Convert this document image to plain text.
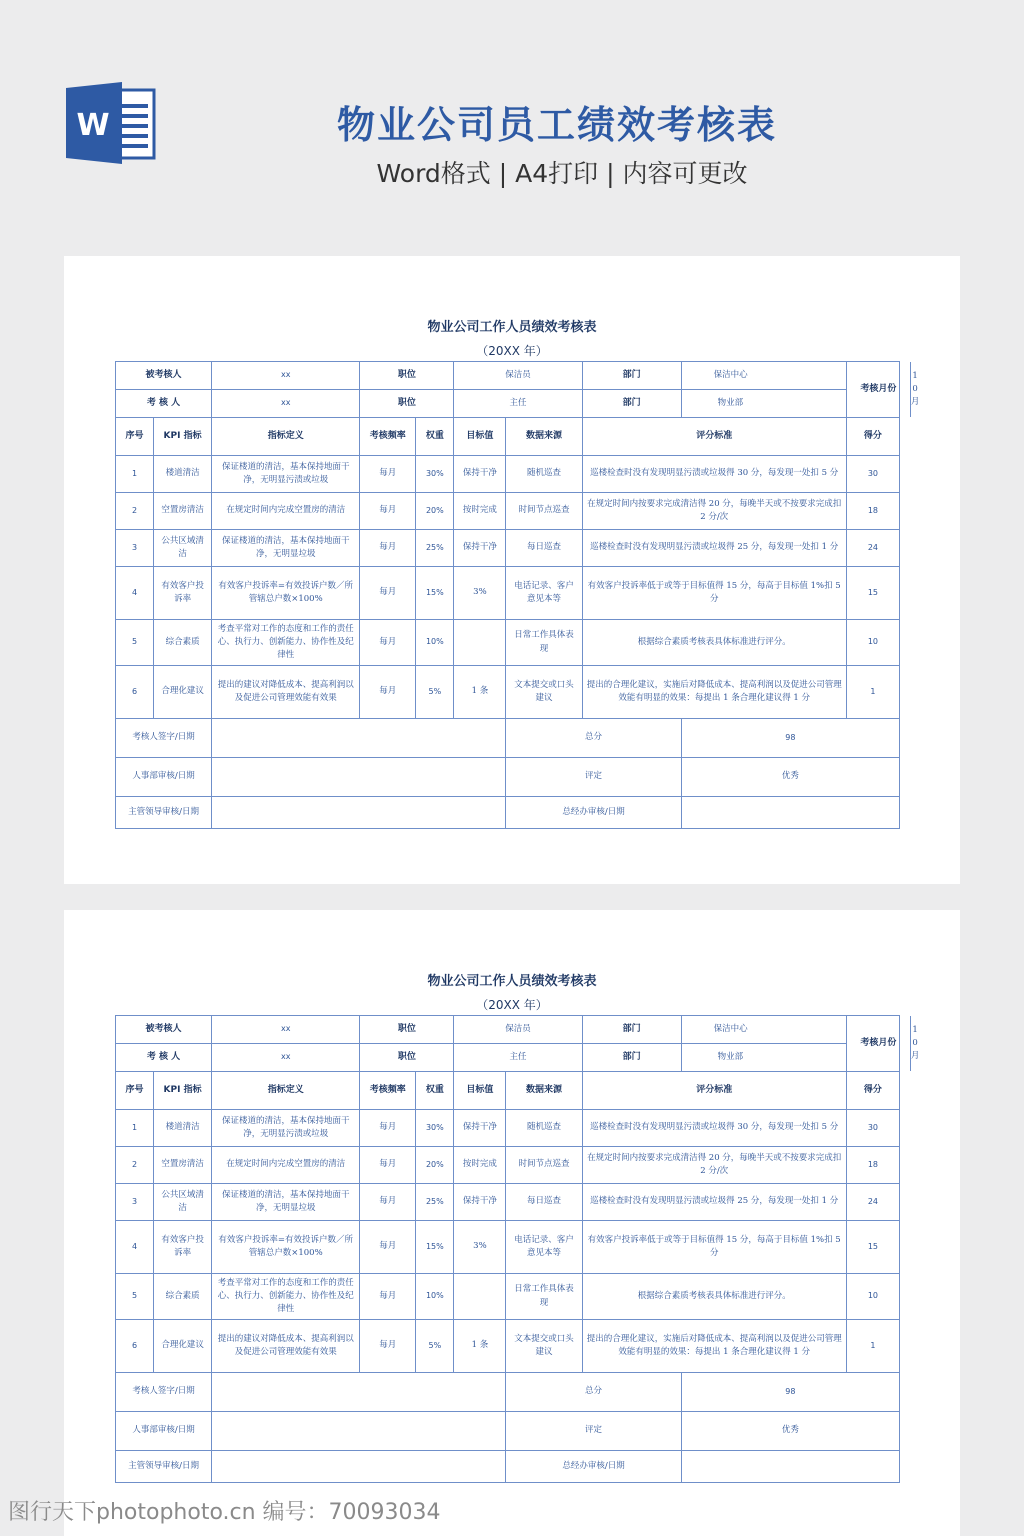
W	物业公司员工绩效考核表
Word格式 | A4打印 | 内容可更改
物业公司工作人员绩效考核表
（20XX 年）
被考核人		xx	职位		保洁员		部门	保洁中心	考核月份
10 月

考 核 人		xx	职位		主任		部门	物业部	
序号	KPI 指标	指标定义	考核频率	权重	目标值	数据来源	评分标准		得分
1	楼道清洁	保证楼道的清洁，基本保持地面干净，无明显污渍或垃圾	每月	30%	保持干净	随机巡查	巡楼检查时没有发现明显污渍或垃圾得 30 分，每发现一处扣 5 分		30
2	空置房清洁	在规定时间内完成空置房的清洁	每月	20%	按时完成	时间节点巡查	在规定时间内按要求完成清洁得 20 分，每晚半天或不按要求完成扣 2 分/次		18
3	公共区域清洁	保证楼道的清洁，基本保持地面干净，无明显垃圾	每月	25%	保持干净	每日巡查	巡楼检查时没有发现明显污渍或垃圾得 25 分，每发现一处扣 1 分		24
4	有效客户投诉率	有效客户投诉率=有效投诉户数／所管辖总户数×100%	每月	15%	3%	电话记录、客户意见本等	有效客户投诉率低于或等于目标值得 15 分，每高于目标值 1%扣 5 分		15
5	综合素质	考查平常对工作的态度和工作的责任心、执行力、创新能力、协作性及纪律性	每月	10%		日常工作具体表现	根据综合素质考核表具体标准进行评分。		10
6	合理化建议	提出的建议对降低成本、提高利润以及促进公司管理效能有效果	每月	5%	1 条	文本提交或口头建议	提出的合理化建议，实施后对降低成本、提高利润以及促进公司管理效能有明显的效果：每提出 1 条合理化建议得 1 分		1
考核人签字/日期						总分		98	
人事部审核/日期						评定		优秀	
主管领导审核/日期						总经办审核/日期			
物业公司工作人员绩效考核表
（20XX 年）
被考核人		xx	职位		保洁员		部门	保洁中心	考核月份
10 月

考 核 人		xx	职位		主任		部门	物业部	
序号	KPI 指标	指标定义	考核频率	权重	目标值	数据来源	评分标准		得分
1	楼道清洁	保证楼道的清洁，基本保持地面干净，无明显污渍或垃圾	每月	30%	保持干净	随机巡查	巡楼检查时没有发现明显污渍或垃圾得 30 分，每发现一处扣 5 分		30
2	空置房清洁	在规定时间内完成空置房的清洁	每月	20%	按时完成	时间节点巡查	在规定时间内按要求完成清洁得 20 分，每晚半天或不按要求完成扣 2 分/次		18
3	公共区域清洁	保证楼道的清洁，基本保持地面干净，无明显垃圾	每月	25%	保持干净	每日巡查	巡楼检查时没有发现明显污渍或垃圾得 25 分，每发现一处扣 1 分		24
4	有效客户投诉率	有效客户投诉率=有效投诉户数／所管辖总户数×100%	每月	15%	3%	电话记录、客户意见本等	有效客户投诉率低于或等于目标值得 15 分，每高于目标值 1%扣 5 分		15
5	综合素质	考查平常对工作的态度和工作的责任心、执行力、创新能力、协作性及纪律性	每月	10%		日常工作具体表现	根据综合素质考核表具体标准进行评分。		10
6	合理化建议	提出的建议对降低成本、提高利润以及促进公司管理效能有效果	每月	5%	1 条	文本提交或口头建议	提出的合理化建议，实施后对降低成本、提高利润以及促进公司管理效能有明显的效果：每提出 1 条合理化建议得 1 分		1
考核人签字/日期						总分		98	
人事部审核/日期						评定		优秀	
主管领导审核/日期						总经办审核/日期			
图行天下photophoto.cn 编号：70093034
